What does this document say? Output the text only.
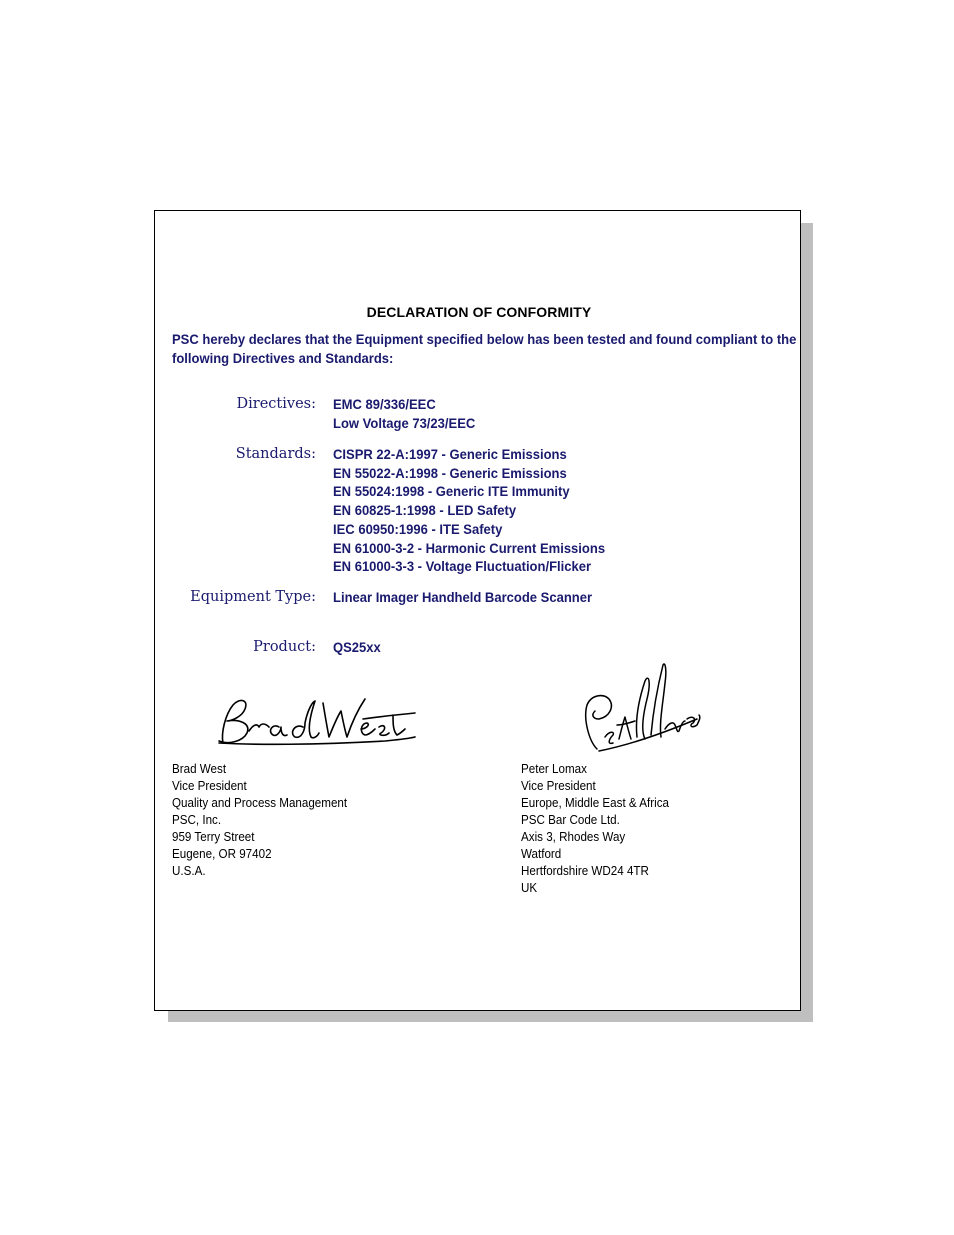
DECLARATION OF CONFORMITY
PSC hereby declares that the Equipment specified below has been tested and found compliant to the
following Directives and Standards:
Directives: EMC 89/336/EEC
Low Voltage 73/23/EEC
Standards: CISPR 22-A:1997 - Generic Emissions
EN 55022-A:1998 - Generic Emissions
EN 55024:1998 - Generic ITE Immunity
EN 60825-1:1998 - LED Safety
IEC 60950:1996 - ITE Safety
EN 61000-3-2 - Harmonic Current Emissions
EN 61000-3-3 - Voltage Fluctuation/Flicker
Equipment Type: Linear Imager Handheld Barcode Scanner
Product: QS25xx
Brad West
Vice President
Quality and Process Management
PSC, Inc.
959 Terry Street
Eugene, OR 97402
U.S.A.
Peter Lomax
Vice President
Europe, Middle East & Africa
PSC Bar Code Ltd.
Axis 3, Rhodes Way
Watford
Hertfordshire WD24 4TR
UK
